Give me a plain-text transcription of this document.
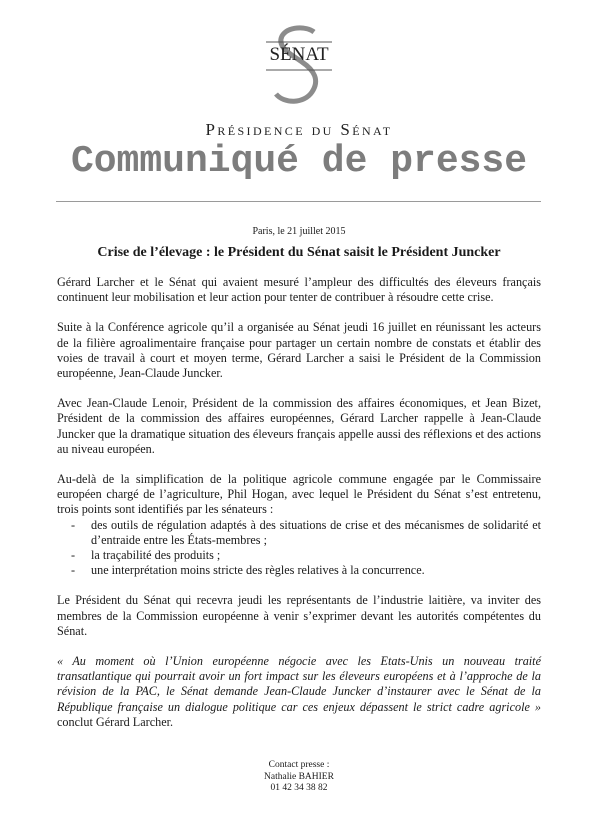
SÉNAT
Présidence du Sénat
Communiqué de presse
Paris, le 21 juillet 2015
Crise de l’élevage : le Président du Sénat saisit le Président Juncker

Gérard Larcher et le Sénat qui avaient mesuré l’ampleur des difficultés des éleveurs français continuent leur mobilisation et leur action pour tenter de contribuer à résoudre cette crise.

Suite à la Conférence agricole qu’il a organisée au Sénat jeudi 16 juillet en réunissant les acteurs de la filière agroalimentaire française pour partager un certain nombre de constats et établir des voies de travail à court et moyen terme, Gérard Larcher a saisi le Président de la Commission européenne, Jean-Claude Juncker.

Avec Jean-Claude Lenoir, Président de la commission des affaires économiques, et Jean Bizet, Président de la commission des affaires européennes, Gérard Larcher rappelle à Jean-Claude Juncker que la dramatique situation des éleveurs français appelle aussi des réflexions et des actions au niveau européen.

Au-delà de la simplification de la politique agricole commune engagée par le Commissaire européen chargé de l’agriculture, Phil Hogan, avec lequel le Président du Sénat s’est entretenu, trois points sont identifiés par les sénateurs :

- des outils de régulation adaptés à des situations de crise et des mécanismes de solidarité et d’entraide entre les États-membres ;
- la traçabilité des produits ;
- une interprétation moins stricte des règles relatives à la concurrence.

Le Président du Sénat qui recevra jeudi les représentants de l’industrie laitière, va inviter des membres de la Commission européenne à venir s’exprimer devant les autorités compétentes du Sénat.

« Au moment où l’Union européenne négocie avec les Etats-Unis un nouveau traité transatlantique qui pourrait avoir un fort impact sur les éleveurs européens et à l’approche de la révision de la PAC, le Sénat demande Jean-Claude Juncker d’instaurer avec le Sénat de la République française un dialogue politique car ces enjeux dépassent le strict cadre agricole » conclut Gérard Larcher.

Contact presse :
Nathalie BAHIER
01 42 34 38 82
